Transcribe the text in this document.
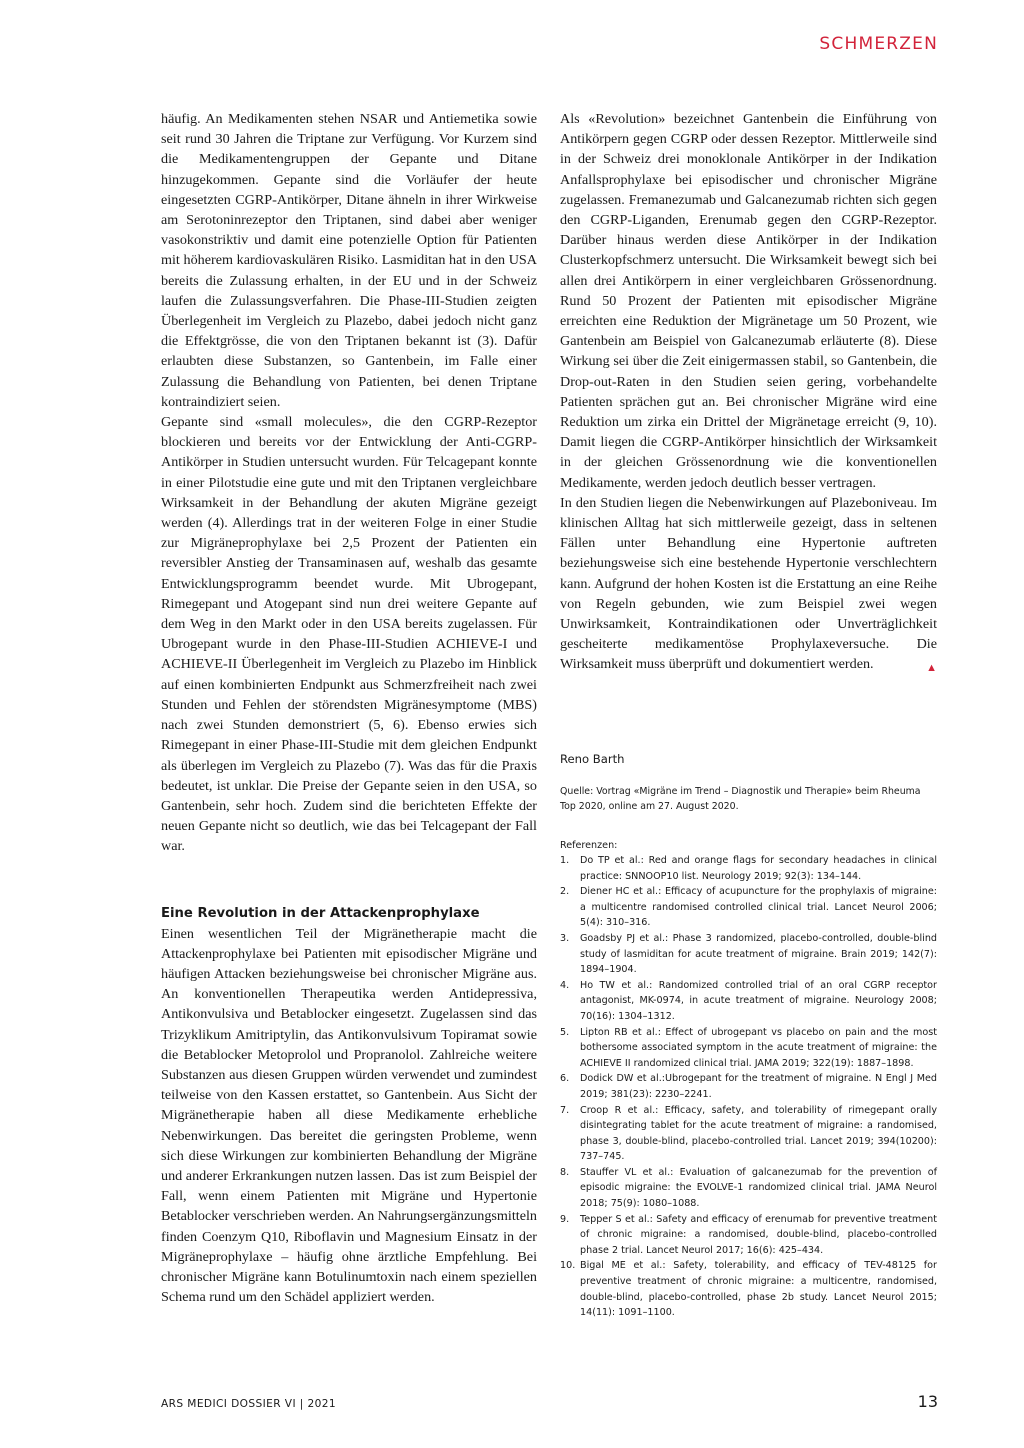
SCHMERZEN

häufig. An Medikamenten stehen NSAR und Antiemetika sowie seit rund 30 Jahren die Triptane zur Verfügung. Vor Kurzem sind die Medikamentengruppen der Gepante und Ditane hinzugekommen. Gepante sind die Vorläufer der heute eingesetzten CGRP-Antikörper, Ditane ähneln in ihrer Wirkweise am Serotoninrezeptor den Triptanen, sind dabei aber weniger vasokonstriktiv und damit eine potenzielle Option für Patienten mit höherem kardiovaskulären Risiko. Lasmiditan hat in den USA bereits die Zulassung erhalten, in der EU und in der Schweiz laufen die Zulassungsverfahren. Die Phase-III-Studien zeigten Überlegenheit im Vergleich zu Plazebo, dabei jedoch nicht ganz die Effektgrösse, die von den Triptanen bekannt ist (3). Dafür erlaubten diese Substanzen, so Gantenbein, im Falle einer Zulassung die Behandlung von Patienten, bei denen Triptane kontraindiziert seien.

Gepante sind «small molecules», die den CGRP-Rezeptor blockieren und bereits vor der Entwicklung der Anti-CGRP-Antikörper in Studien untersucht wurden. Für Telcagepant konnte in einer Pilotstudie eine gute und mit den Triptanen vergleichbare Wirksamkeit in der Behandlung der akuten Migräne gezeigt werden (4). Allerdings trat in der weiteren Folge in einer Studie zur Migräneprophylaxe bei 2,5 Prozent der Patienten ein reversibler Anstieg der Transaminasen auf, weshalb das gesamte Entwicklungsprogramm beendet wurde. Mit Ubrogepant, Rimegepant und Atogepant sind nun drei weitere Gepante auf dem Weg in den Markt oder in den USA bereits zugelassen. Für Ubrogepant wurde in den Phase-III-Studien ACHIEVE-I und ACHIEVE-II Überlegenheit im Vergleich zu Plazebo im Hinblick auf einen kombinierten Endpunkt aus Schmerzfreiheit nach zwei Stunden und Fehlen der störendsten Migränesymptome (MBS) nach zwei Stunden demonstriert (5, 6). Ebenso erwies sich Rimegepant in einer Phase-III-Studie mit dem gleichen Endpunkt als überlegen im Vergleich zu Plazebo (7). Was das für die Praxis bedeutet, ist unklar. Die Preise der Gepante seien in den USA, so Gantenbein, sehr hoch. Zudem sind die berichteten Effekte der neuen Gepante nicht so deutlich, wie das bei Telcagepant der Fall war.

Eine Revolution in der Attackenprophylaxe

Einen wesentlichen Teil der Migränetherapie macht die Attackenprophylaxe bei Patienten mit episodischer Migräne und häufigen Attacken beziehungsweise bei chronischer Migräne aus. An konventionellen Therapeutika werden Antidepressiva, Antikonvulsiva und Betablocker eingesetzt. Zugelassen sind das Trizyklikum Amitriptylin, das Antikonvulsivum Topiramat sowie die Betablocker Metoprolol und Propranolol. Zahlreiche weitere Substanzen aus diesen Gruppen würden verwendet und zumindest teilweise von den Kassen erstattet, so Gantenbein. Aus Sicht der Migränetherapie haben all diese Medikamente erhebliche Nebenwirkungen. Das bereitet die geringsten Probleme, wenn sich diese Wirkungen zur kombinierten Behandlung der Migräne und anderer Erkrankungen nutzen lassen. Das ist zum Beispiel der Fall, wenn einem Patienten mit Migräne und Hypertonie Betablocker verschrieben werden. An Nahrungsergänzungsmitteln finden Coenzym Q10, Riboflavin und Magnesium Einsatz in der Migräneprophylaxe – häufig ohne ärztliche Empfehlung. Bei chronischer Migräne kann Botulinumtoxin nach einem speziellen Schema rund um den Schädel appliziert werden.

Als «Revolution» bezeichnet Gantenbein die Einführung von Antikörpern gegen CGRP oder dessen Rezeptor. Mittlerweile sind in der Schweiz drei monoklonale Antikörper in der Indikation Anfallsprophylaxe bei episodischer und chronischer Migräne zugelassen. Fremanezumab und Galcanezumab richten sich gegen den CGRP-Liganden, Erenumab gegen den CGRP-Rezeptor. Darüber hinaus werden diese Antikörper in der Indikation Clusterkopfschmerz untersucht. Die Wirksamkeit bewegt sich bei allen drei Antikörpern in einer vergleichbaren Grössenordnung. Rund 50 Prozent der Patienten mit episodischer Migräne erreichten eine Reduktion der Migränetage um 50 Prozent, wie Gantenbein am Beispiel von Galcanezumab erläuterte (8). Diese Wirkung sei über die Zeit einigermassen stabil, so Gantenbein, die Drop-out-Raten in den Studien seien gering, vorbehandelte Patienten sprächen gut an. Bei chronischer Migräne wird eine Reduktion um zirka ein Drittel der Migränetage erreicht (9, 10). Damit liegen die CGRP-Antikörper hinsichtlich der Wirksamkeit in der gleichen Grössenordnung wie die konventionellen Medikamente, werden jedoch deutlich besser vertragen.

In den Studien liegen die Nebenwirkungen auf Plazeboniveau. Im klinischen Alltag hat sich mittlerweile gezeigt, dass in seltenen Fällen unter Behandlung eine Hypertonie auftreten beziehungsweise sich eine bestehende Hypertonie verschlechtern kann. Aufgrund der hohen Kosten ist die Erstattung an eine Reihe von Regeln gebunden, wie zum Beispiel zwei wegen Unwirksamkeit, Kontraindikationen oder Unverträglichkeit gescheiterte medikamentöse Prophylaxeversuche. Die Wirksamkeit muss überprüft und dokumentiert werden.	▲

Reno Barth
Quelle: Vortrag «Migräne im Trend – Diagnostik und Therapie» beim Rheuma Top 2020, online am 27. August 2020.
Referenzen:
1. Do TP et al.: Red and orange flags for secondary headaches in clinical practice: SNNOOP10 list. Neurology 2019; 92(3): 134–144.
2. Diener HC et al.: Efficacy of acupuncture for the prophylaxis of migraine: a multicentre randomised controlled clinical trial. Lancet Neurol 2006; 5(4): 310–316.
3. Goadsby PJ et al.: Phase 3 randomized, placebo-controlled, double-blind study of lasmiditan for acute treatment of migraine. Brain 2019; 142(7): 1894–1904.
4. Ho TW et al.: Randomized controlled trial of an oral CGRP receptor antagonist, MK-0974, in acute treatment of migraine. Neurology 2008; 70(16): 1304–1312.
5. Lipton RB et al.: Effect of ubrogepant vs placebo on pain and the most bothersome associated symptom in the acute treatment of migraine: the ACHIEVE II randomized clinical trial. JAMA 2019; 322(19): 1887–1898.
6. Dodick DW et al.:Ubrogepant for the treatment of migraine. N Engl J Med 2019; 381(23): 2230–2241.
7. Croop R et al.: Efficacy, safety, and tolerability of rimegepant orally disintegrating tablet for the acute treatment of migraine: a randomised, phase 3, double-blind, placebo-controlled trial. Lancet 2019; 394(10200): 737–745.
8. Stauffer VL et al.: Evaluation of galcanezumab for the prevention of episodic migraine: the EVOLVE-1 randomized clinical trial. JAMA Neurol 2018; 75(9): 1080–1088.
9. Tepper S et al.: Safety and efficacy of erenumab for preventive treatment of chronic migraine: a randomised, double-blind, placebo-controlled phase 2 trial. Lancet Neurol 2017; 16(6): 425–434.
10. Bigal ME et al.: Safety, tolerability, and efficacy of TEV-48125 for preventive treatment of chronic migraine: a multicentre, randomised, double-blind, placebo-controlled, phase 2b study. Lancet Neurol 2015; 14(11): 1091–1100.
ARS MEDICI DOSSIER VI | 2021	13
